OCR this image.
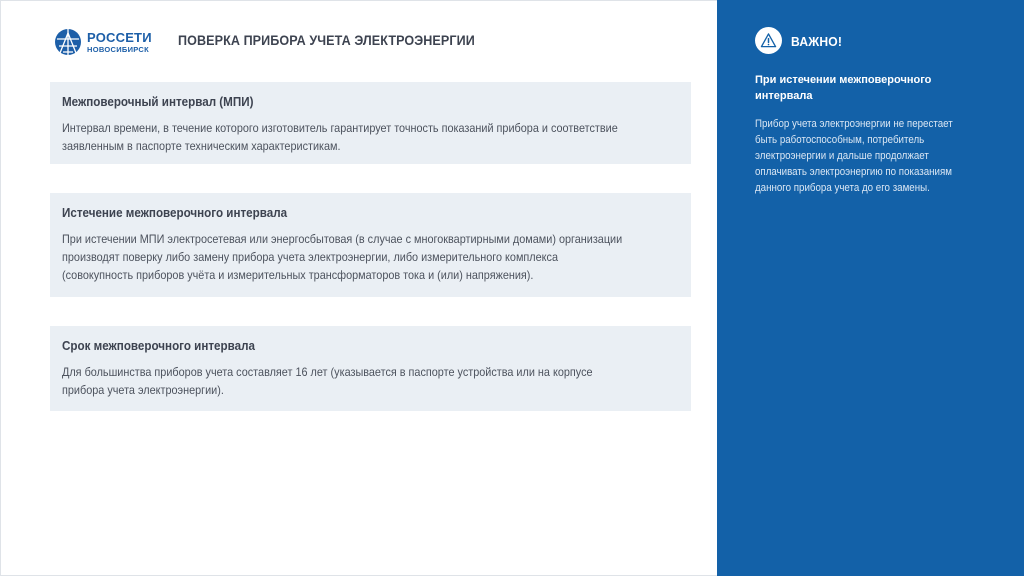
РОССЕТИ
НОВОСИБИРСК
ПОВЕРКА ПРИБОРА УЧЕТА ЭЛЕКТРОЭНЕРГИИ
Межповерочный интервал (МПИ)
Интервал времени, в течение которого изготовитель гарантирует точность показаний прибора и соответствие
заявленным в паспорте техническим характеристикам.
Истечение межповерочного интервала
При истечении МПИ электросетевая или энергосбытовая (в случае с многоквартирными домами) организации
производят поверку либо замену прибора учета электроэнергии, либо измерительного комплекса
(совокупность приборов учёта и измерительных трансформаторов тока и (или) напряжения).
Срок межповерочного интервала
Для большинства приборов учета составляет 16 лет (указывается в паспорте устройства или на корпусе
прибора учета электроэнергии).
ВАЖНО!
При истечении межповерочного
интервала
Прибор учета электроэнергии не перестает
быть работоспособным, потребитель
электроэнергии и дальше продолжает
оплачивать электроэнергию по показаниям
данного прибора учета до его замены.
